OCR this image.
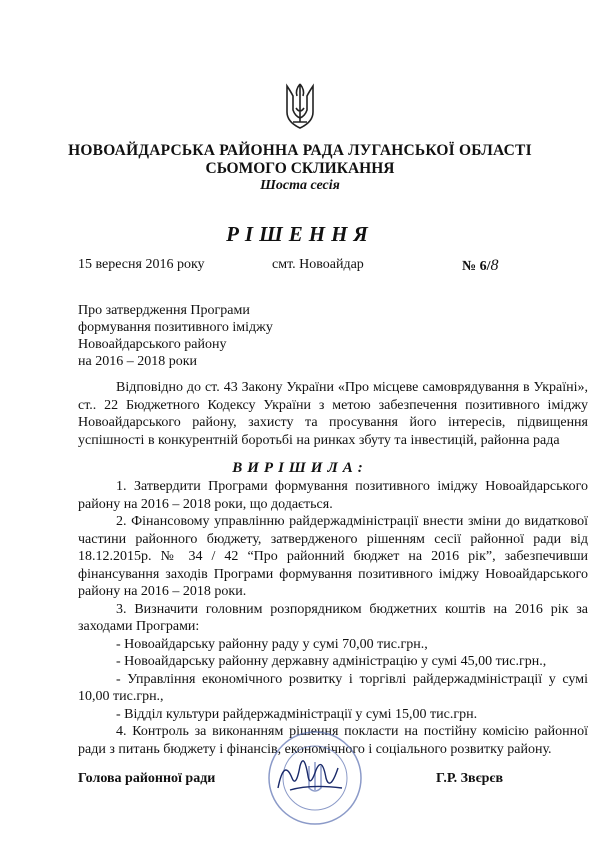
НОВОАЙДАРСЬКА РАЙОННА РАДА ЛУГАНСЬКОЇ ОБЛАСТІ
СЬОМОГО СКЛИКАННЯ
Шоста сесія
РІШЕННЯ
15 вересня 2016 року	смт. Новоайдар	№ 6/8
Про затвердження Програми
формування позитивного іміджу
Новоайдарського району
на 2016 – 2018 роки
Відповідно до ст. 43 Закону України «Про місцеве самоврядування в Україні», ст.. 22 Бюджетного Кодексу України з метою забезпечення позитивного іміджу Новоайдарського району, захисту та просування його інтересів, підвищення успішності в конкурентній боротьбі на ринках збуту та інвестицій, районна рада
ВИРІШИЛА:

1. Затвердити Програми формування позитивного іміджу Новоайдарського району на 2016 – 2018 роки, що додається.

2. Фінансовому управлінню райдержадміністрації внести зміни до видаткової частини районного бюджету, затвердженого рішенням сесії районної ради від 18.12.2015р. № 34 / 42 “Про районний бюджет на 2016 рік”, забезпечивши фінансування заходів Програми формування позитивного іміджу Новоайдарського району на 2016 – 2018 роки.

3. Визначити головним розпорядником бюджетних коштів на 2016 рік за заходами Програми:

- Новоайдарську районну раду у сумі 70,00 тис.грн.,

- Новоайдарську районну державну адміністрацію у сумі 45,00 тис.грн.,

- Управління економічного розвитку і торгівлі райдержадміністрації у сумі 10,00 тис.грн.,

- Відділ культури райдержадміністрації у сумі 15,00 тис.грн.

4. Контроль за виконанням рішення покласти на постійну комісію районної ради з питань бюджету і фінансів, економічного і соціального розвитку району.

Голова районної ради	Г.Р. Звєрєв
